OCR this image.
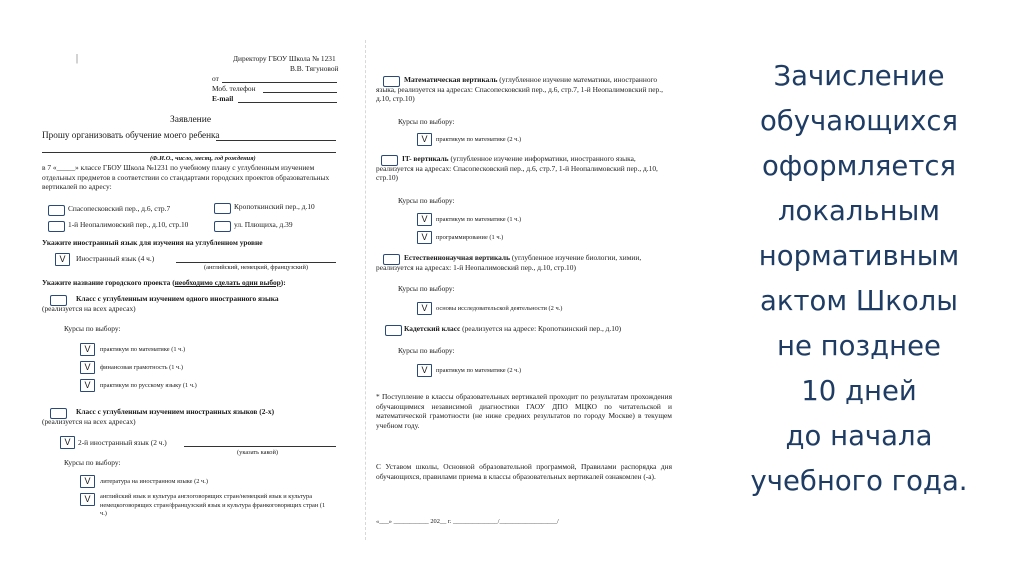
|	Директору ГБОУ Школа № 1231
В.В. Тягуновой
от
Моб. телефон
E-mail
Заявление
Прошу организовать обучение моего ребенка
(Ф.И.О., число, месяц, год рождения)
в 7 «_____» классе ГБОУ Школа №1231 по учебному плану с углубленным изучением отдельных предметов в соответствии со стандартами городских проектов образовательных вертикалей по адресу:
Спасопесковский пер., д.6, стр.7	Кропоткинский пер., д.10
1-й Неопалимовский пер., д.10, стр.10	ул. Плющиха, д.39
Укажите иностранный язык для изучения на углубленном уровне
V	Иностранный язык (4 ч.)
(английский, немецкий, французский)
Укажите название городского проекта (необходимо сделать один выбор):
Класс с углубленным изучением одного иностранного языка
(реализуется на всех адресах)
Курсы по выбору:
V	практикум по математике (1 ч.)
V	финансовая грамотность (1 ч.)
V	практикум по русскому языку (1 ч.)
Класс с углубленным изучением иностранных языков (2-х)
(реализуется на всех адресах)
V	2-й иностранный язык (2 ч.)
(указать какой)
Курсы по выбору:
V	литература на иностранном языке (2 ч.)
V	английский язык и культура англоговорящих стран/немецкий язык и культура немецкоговорящих стран/французский язык и культура франкоговорящих стран (1 ч.)
Математическая вертикаль (углубленное изучение математики, иностранного языка, реализуется на адресах: Спасопесковский пер., д.6, стр.7, 1-й Неопалимовский пер., д.10, стр.10)
Курсы по выбору:
V	практикум по математике (2 ч.)
IT- вертикаль (углубленное изучение информатики, иностранного языка, реализуется на адресах: Спасопесковский пер., д.6, стр.7, 1-й Неопалимовский пер., д.10, стр.10)
Курсы по выбору:
V	практикум по математике (1 ч.)
V	программирование (1 ч.)
Естественнонаучная вертикаль (углубленное изучение биологии, химии, реализуется на адресах: 1-й Неопалимовский пер., д.10, стр.10)
Курсы по выбору:
V	основы исследовательской деятельности (2 ч.)
Кадетский класс (реализуется на адресе: Кропоткинский пер., д.10)
Курсы по выбору:
V	практикум по математике (2 ч.)
* Поступление в классы образовательных вертикалей проходит по результатам прохождения обучающимися независимой диагностики ГАОУ ДПО МЦКО по читательской и математической грамотности (не ниже средних результатов по городу Москве) в текущем учебном году.
С Уставом школы, Основной образовательной программой, Правилами распорядка дня обучающихся, правилами приема в классы образовательных вертикалей ознакомлен (-а).
«___» ___________ 202__ г. ______________/__________________/
Зачисление
обучающихся
оформляется
локальным
нормативным
актом Школы
не позднее
10 дней
до начала
учебного года.
